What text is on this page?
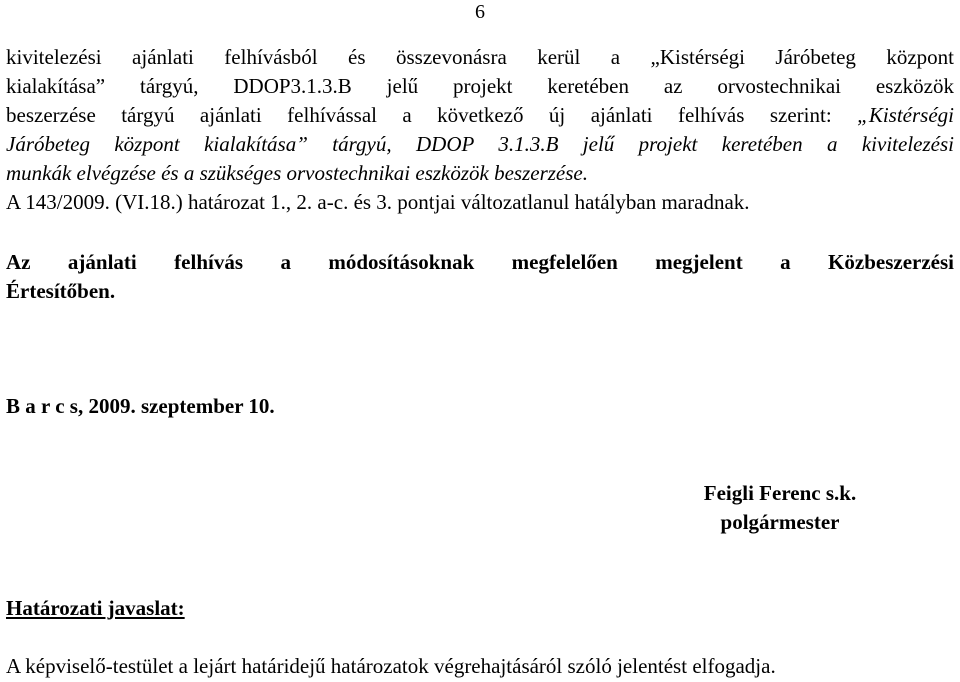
6
kivitelezési ajánlati felhívásból és összevonásra kerül a „Kistérségi Járóbeteg központ
kialakítása” tárgyú, DDOP3.1.3.B jelű projekt keretében az orvostechnikai eszközök
beszerzése tárgyú ajánlati felhívással a következő új ajánlati felhívás szerint: „Kistérségi
Járóbeteg központ kialakítása” tárgyú, DDOP 3.1.3.B jelű projekt keretében a kivitelezési
munkák elvégzése és a szükséges orvostechnikai eszközök beszerzése.
A 143/2009. (VI.18.) határozat 1., 2. a-c. és 3. pontjai változatlanul hatályban maradnak.
Az ajánlati felhívás a módosításoknak megfelelően megjelent a Közbeszerzési
Értesítőben.
B a r c s, 2009. szeptember 10.
Feigli Ferenc s.k.
polgármester
Határozati javaslat:
A képviselő-testület a lejárt határidejű határozatok végrehajtásáról szóló jelentést elfogadja.
